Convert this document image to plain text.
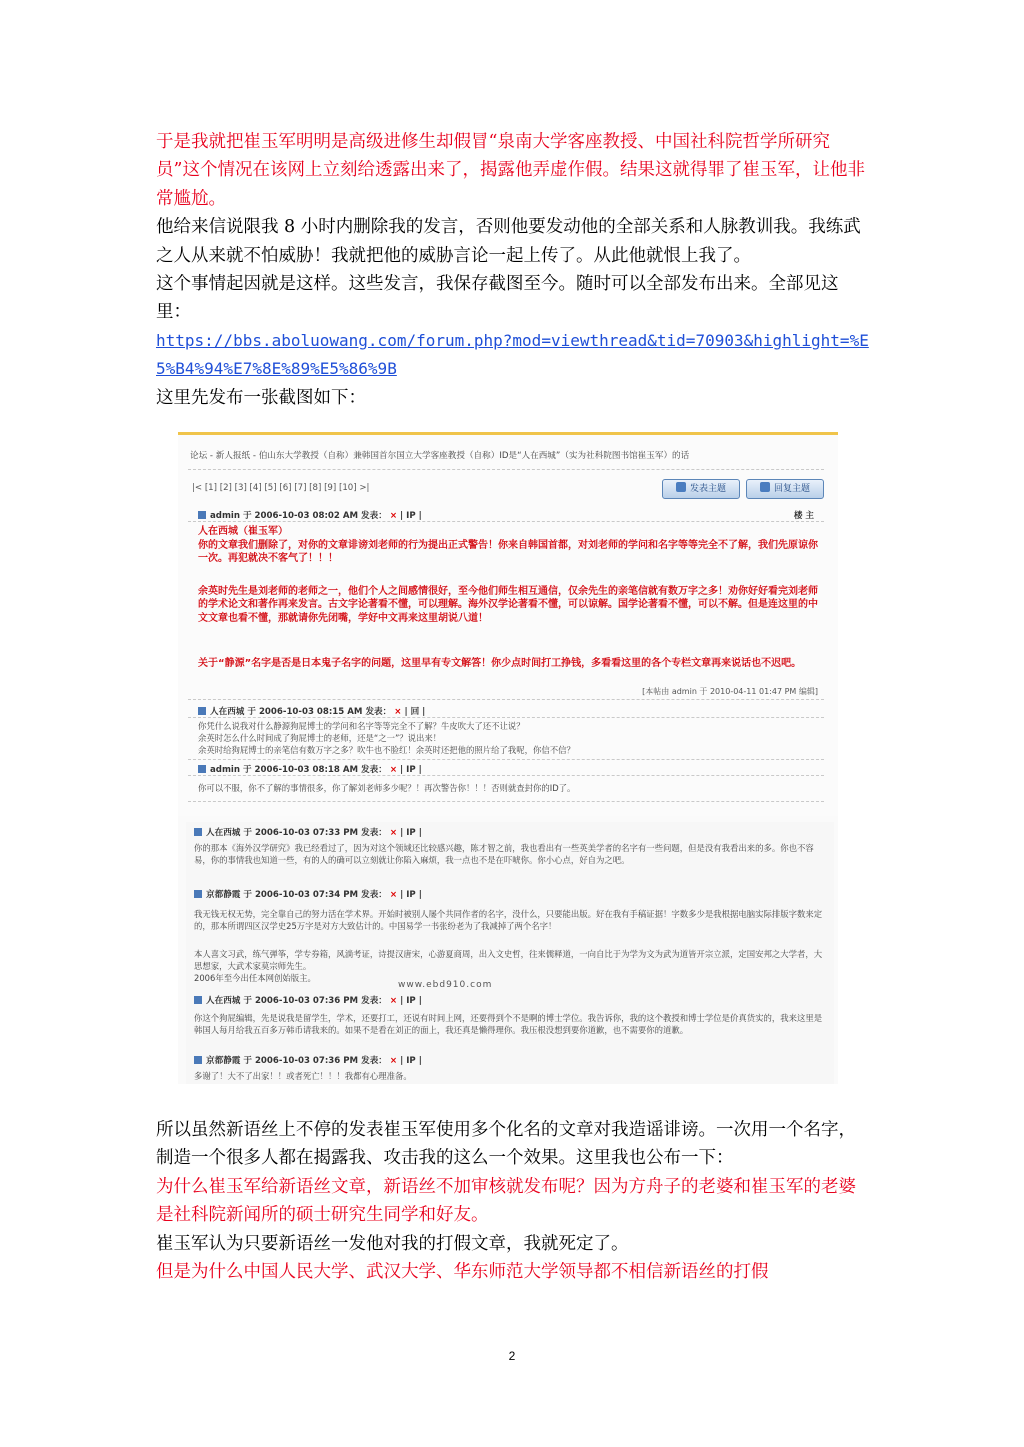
于是我就把崔玉军明明是高级进修生却假冒“泉南大学客座教授、中国社科院哲学所研究员”这个情况在该网上立刻给透露出来了，揭露他弄虚作假。结果这就得罪了崔玉军，让他非常尴尬。

他给来信说限我 8 小时内删除我的发言，否则他要发动他的全部关系和人脉教训我。我练武之人从来就不怕威胁！我就把他的威胁言论一起上传了。从此他就恨上我了。

这个事情起因就是这样。这些发言，我保存截图至今。随时可以全部发布出来。全部见这里：

https://bbs.aboluowang.com/forum.php?mod=viewthread&tid=70903&highlight=%E5%B4%94%E7%8E%89%E5%86%9B

这里先发布一张截图如下：

论坛 - 新人报纸 - 伯山东大学教授（自称）兼韩国首尔国立大学客座教授（自称）ID是“人在西城”（实为社科院图书馆崔玉军）的话
|< [1] [2] [3] [4] [5] [6] [7] [8] [9] [10] >|	发表主题	回复主题
admin 于 2006-10-03 08:02 AM 发表： × | IP |	楼 主

人在西城（崔玉军）

你的文章我们删除了，对你的文章诽谤刘老师的行为提出正式警告！你来自韩国首都，对刘老师的学问和名字等等完全不了解，我们先原谅你一次。再犯就决不客气了！！！

余英时先生是刘老师的老师之一，他们个人之间感情很好，至今他们师生相互通信，仅余先生的亲笔信就有数万字之多！劝你好好看完刘老师的学术论文和著作再来发言。古文字论著看不懂，可以理解。海外汉学论著看不懂，可以谅解。国学论著看不懂，可以不解。但是连这里的中文文章也看不懂，那就请你先闭嘴，学好中文再来这里胡说八道！

关于“静源”名字是否是日本鬼子名字的问题，这里早有专文解答！你少点时间打工挣钱，多看看这里的各个专栏文章再来说话也不迟吧。

[本帖由 admin 于 2010-04-11 01:47 PM 编辑]
人在西城 于 2006-10-03 08:15 AM 发表： × | 回 |

你凭什么说我对什么静源狗屁博士的学问和名字等等完全不了解？牛皮吹大了还不让说？
余英时怎么什么时间成了狗屁博士的老师，还是“之一”？说出来！
余英时给狗屁博士的亲笔信有数万字之多？吹牛也不脸红！余英时还把他的照片给了我呢，你信不信？

admin 于 2006-10-03 08:18 AM 发表： × | IP |

你可以不服，你不了解的事情很多，你了解刘老师多少呢？！再次警告你！！！否则就查封你的ID了。

人在西城 于 2006-10-03 07:33 PM 发表： × | IP |

你的那本《海外汉学研究》我已经看过了，因为对这个领域还比较感兴趣，陈才智之前，我也看出有一些英美学者的名字有一些问题，但是没有我看出来的多。你也不容易，你的事情我也知道一些，有的人的确可以立刻就让你陷入麻烦，我一点也不是在吓唬你。你小心点，好自为之吧。

京都静霞 于 2006-10-03 07:34 PM 发表： × | IP |

我无钱无权无势，完全靠自己的努力活在学术界。开始时被别人屡个共同作者的名字，没什么，只要能出版。好在我有手稿证据！字数多少是我根据电脑实际排版字数来定的，那本所谓四区汉学史25万字是对方大致估计的。中国易学一书张纷老为了我减掉了两个名字！

本人喜文习武，练气弹筝，学专券箱，风淌考证，诗提汉唐宋，心游夏商周，出入文史哲，往来儒释道，一向自比于为学为文为武为道皆开宗立派，定国安邦之大学者，大思想家，大武术家莫宗师先生。
2006年至今出任本网创始版主。

人在西城 于 2006-10-03 07:36 PM 发表： × | IP |

你这个狗屁编辑，先是说我是留学生，学术，还要打工，还说有时间上网，还要得到个不是啊的博士学位。我告诉你，我的这个教授和博士学位是价真货实的，我来这里是韩国人每月给我五百多万韩币请我来的。如果不是看在刘正的面上，我还真是懒得理你。我压根没想到要你道歉，也不需要你的道歉。

京都静霞 于 2006-10-03 07:36 PM 发表： × | IP |

多谢了！大不了出家！！或者死亡！！！我都有心理准备。

www.ebd910.com

所以虽然新语丝上不停的发表崔玉军使用多个化名的文章对我造谣诽谤。一次用一个名字，制造一个很多人都在揭露我、攻击我的这么一个效果。这里我也公布一下：

为什么崔玉军给新语丝文章，新语丝不加审核就发布呢？因为方舟子的老婆和崔玉军的老婆是社科院新闻所的硕士研究生同学和好友。

崔玉军认为只要新语丝一发他对我的打假文章，我就死定了。

但是为什么中国人民大学、武汉大学、华东师范大学领导都不相信新语丝的打假

2
